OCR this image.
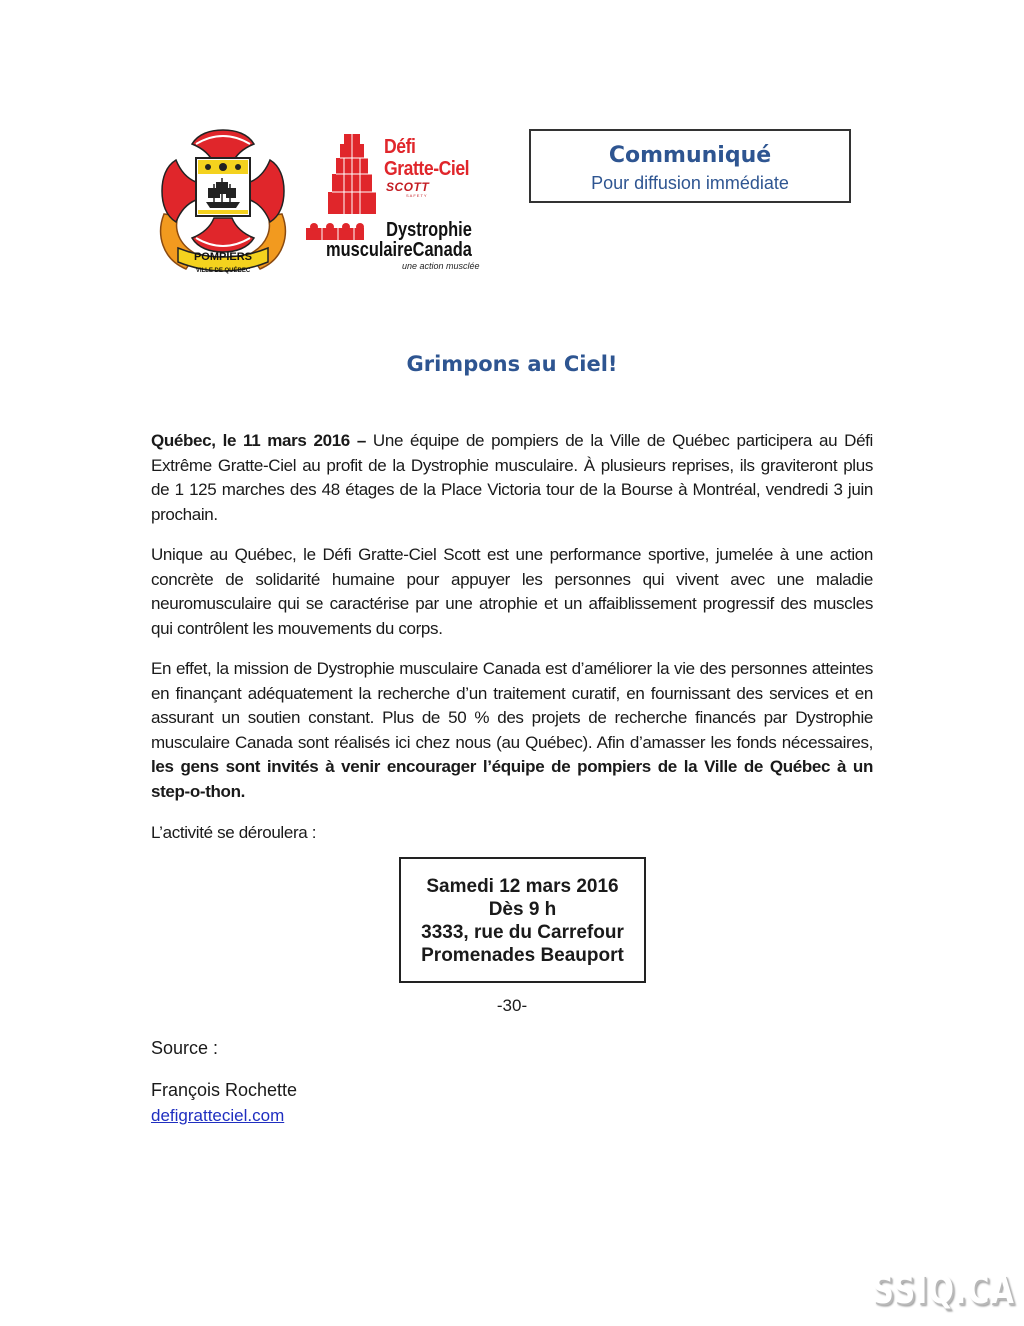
POMPIERS
VILLE DE QUÉBEC
Défi
Gratte-Ciel
SCOTT
SAFETY
Dystrophie
musculaireCanada
une action musclée
Communiqué
Pour diffusion immédiate
Grimpons au Ciel!
Québec, le 11 mars 2016 – Une équipe de pompiers de la Ville de Québec participera au Défi Extrême Gratte-Ciel au profit de la Dystrophie musculaire. À plusieurs reprises, ils graviteront plus de 1 125 marches des 48 étages de la Place Victoria tour de la Bourse à Montréal, vendredi 3 juin prochain.
Unique au Québec, le Défi Gratte-Ciel Scott est une performance sportive, jumelée à une action concrète de solidarité humaine pour appuyer les personnes qui vivent avec une maladie neuromusculaire qui se caractérise par une atrophie et un affaiblissement progressif des muscles qui contrôlent les mouvements du corps.
En effet, la mission de Dystrophie musculaire Canada est d’améliorer la vie des personnes atteintes en finançant adéquatement la recherche d’un traitement curatif, en fournissant des services et en assurant un soutien constant. Plus de 50 % des projets de recherche financés par Dystrophie musculaire Canada sont réalisés ici chez nous (au Québec). Afin d’amasser les fonds nécessaires, les gens sont invités à venir encourager l’équipe de pompiers de la Ville de Québec à un step-o-thon.
L’activité se déroulera :
Samedi 12 mars 2016
Dès 9 h
3333, rue du Carrefour
Promenades Beauport
-30-
Source :
François Rochette
defigratteciel.com
SSIQ.CA
